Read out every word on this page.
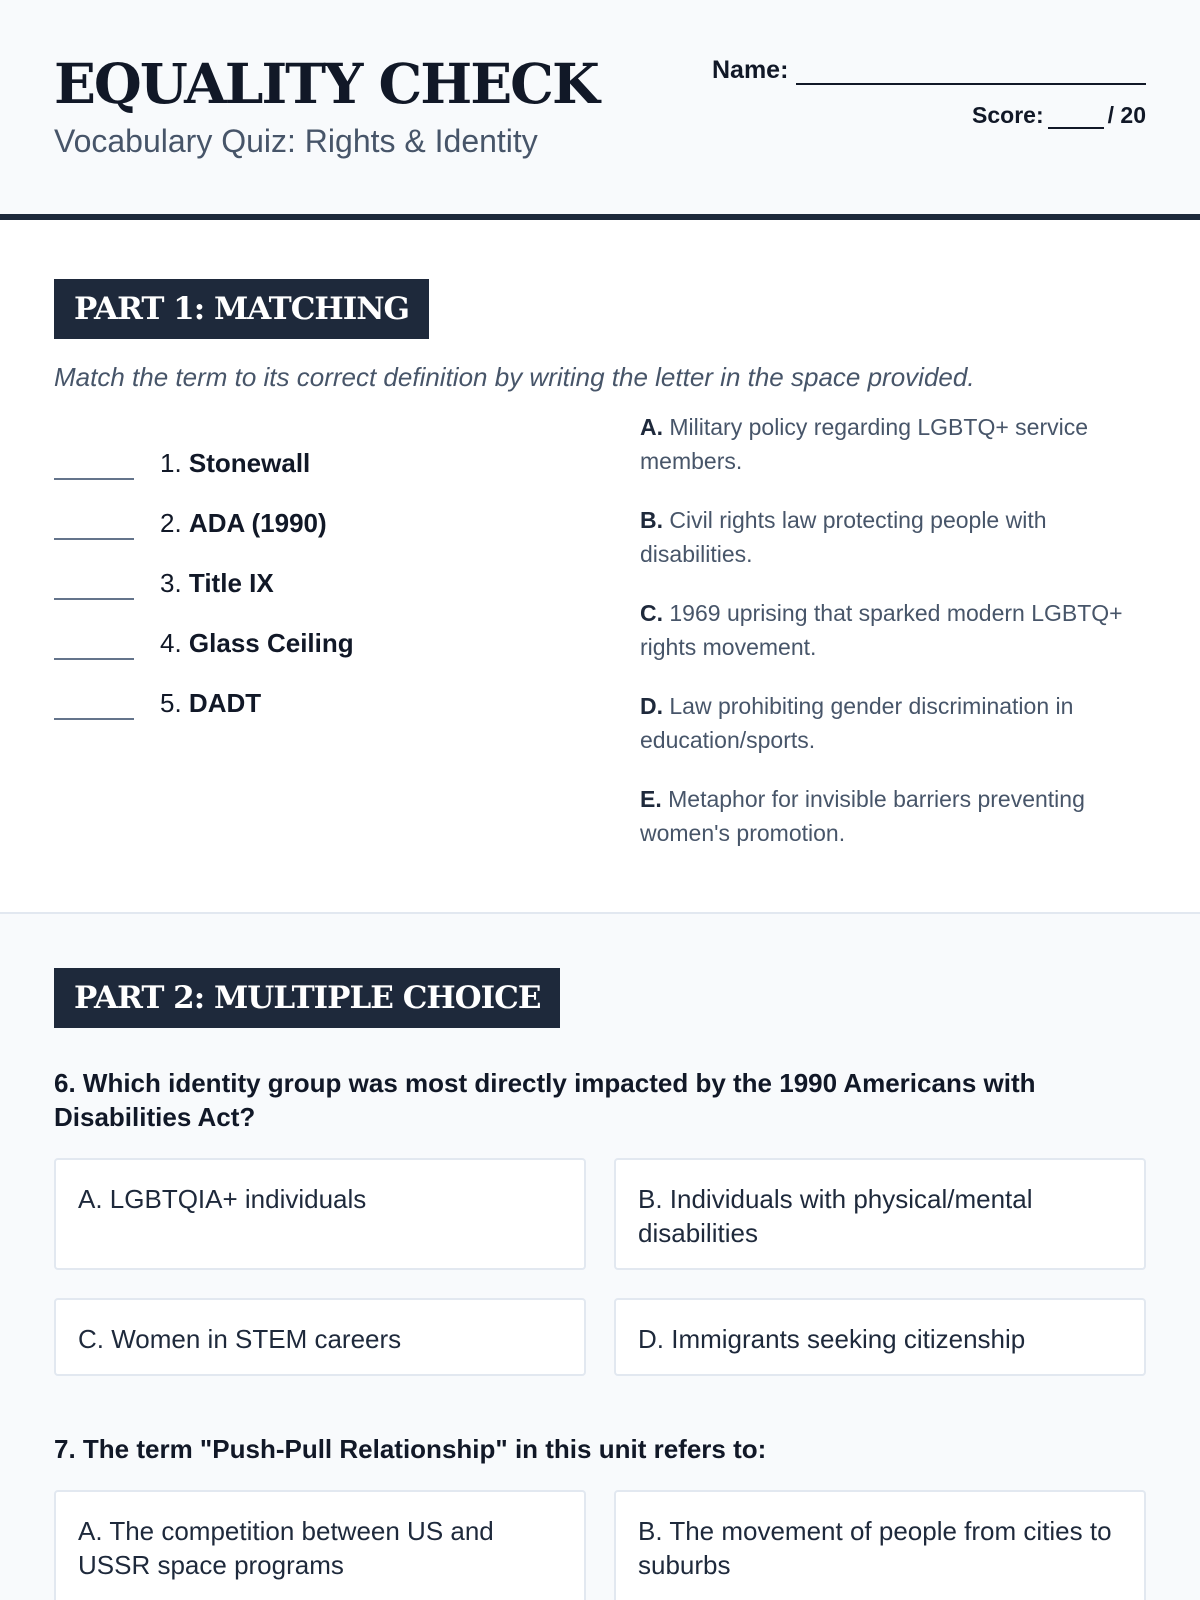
EQUALITY CHECK
Vocabulary Quiz: Rights & Identity
Name:
Score:	/ 20
PART 1: MATCHING
Match the term to its correct definition by writing the letter in the space provided.
1. Stonewall
2. ADA (1990)
3. Title IX
4. Glass Ceiling
5. DADT
A. Military policy regarding LGBTQ+ service members.
B. Civil rights law protecting people with disabilities.
C. 1969 uprising that sparked modern LGBTQ+ rights movement.
D. Law prohibiting gender discrimination in education/sports.
E. Metaphor for invisible barriers preventing women's promotion.
PART 2: MULTIPLE CHOICE
6. Which identity group was most directly impacted by the 1990 Americans with Disabilities Act?
A. LGBTQIA+ individuals	B. Individuals with physical/mental disabilities
C. Women in STEM careers	D. Immigrants seeking citizenship
7. The term "Push-Pull Relationship" in this unit refers to:
A. The competition between US and USSR space programs
B. The movement of people from cities to suburbs
